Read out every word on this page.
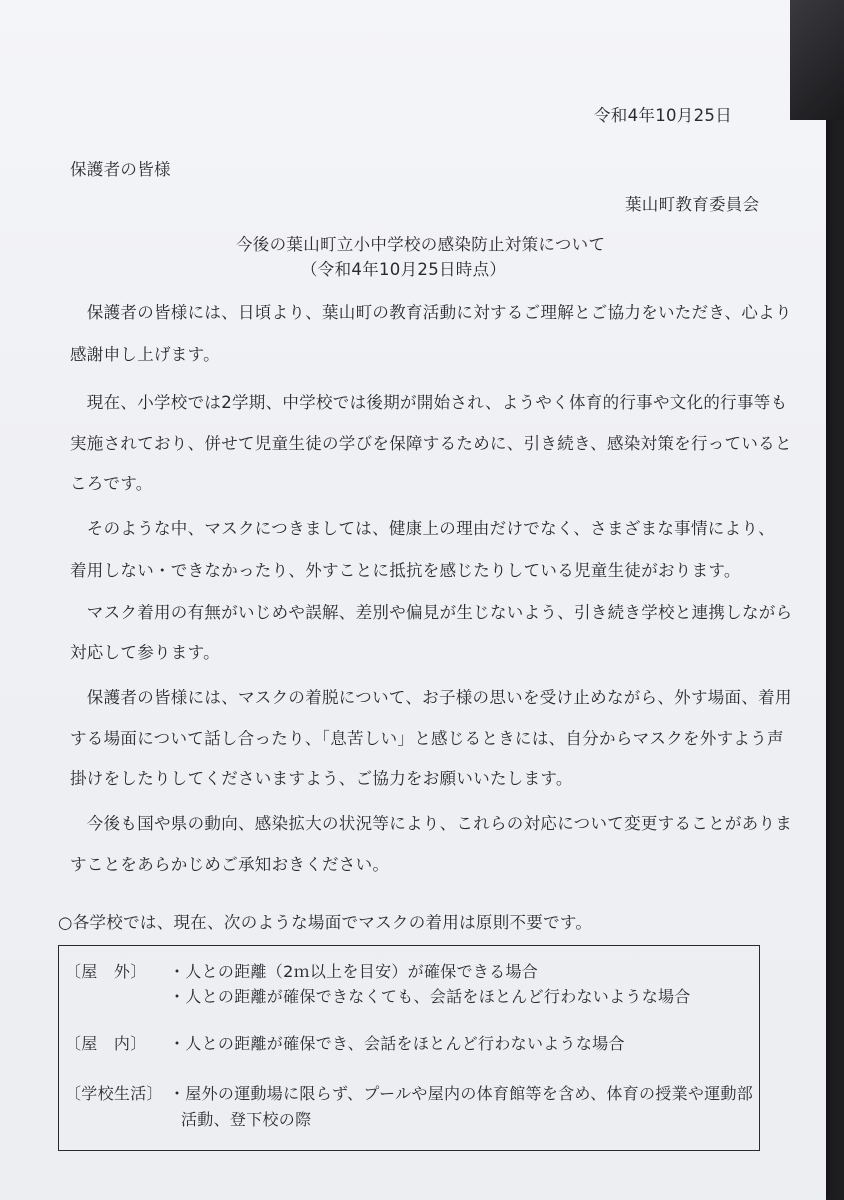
令和4年10月25日
保護者の皆様
葉山町教育委員会
今後の葉山町立小中学校の感染防止対策について
（令和4年10月25日時点）
　保護者の皆様には、日頃より、葉山町の教育活動に対するご理解とご協力をいただき、心より
感謝申し上げます。
　現在、小学校では2学期、中学校では後期が開始され、ようやく体育的行事や文化的行事等も
実施されており、併せて児童生徒の学びを保障するために、引き続き、感染対策を行っていると
ころです。
　そのような中、マスクにつきましては、健康上の理由だけでなく、さまざまな事情により、
着用しない・できなかったり、外すことに抵抗を感じたりしている児童生徒がおります。
　マスク着用の有無がいじめや誤解、差別や偏見が生じないよう、引き続き学校と連携しながら
対応して参ります。
　保護者の皆様には、マスクの着脱について、お子様の思いを受け止めながら、外す場面、着用
する場面について話し合ったり、「息苦しい」と感じるときには、自分からマスクを外すよう声
掛けをしたりしてくださいますよう、ご協力をお願いいたします。
　今後も国や県の動向、感染拡大の状況等により、これらの対応について変更することがありま
すことをあらかじめご承知おきください。
○各学校では、現在、次のような場面でマスクの着用は原則不要です。
〔屋　外〕 ・人との距離（2ｍ以上を目安）が確保できる場合
・人との距離が確保できなくても、会話をほとんど行わないような場合
〔屋　内〕 ・人との距離が確保でき、会話をほとんど行わないような場合
〔学校生活〕 ・屋外の運動場に限らず、プールや屋内の体育館等を含め、体育の授業や運動部
活動、登下校の際
